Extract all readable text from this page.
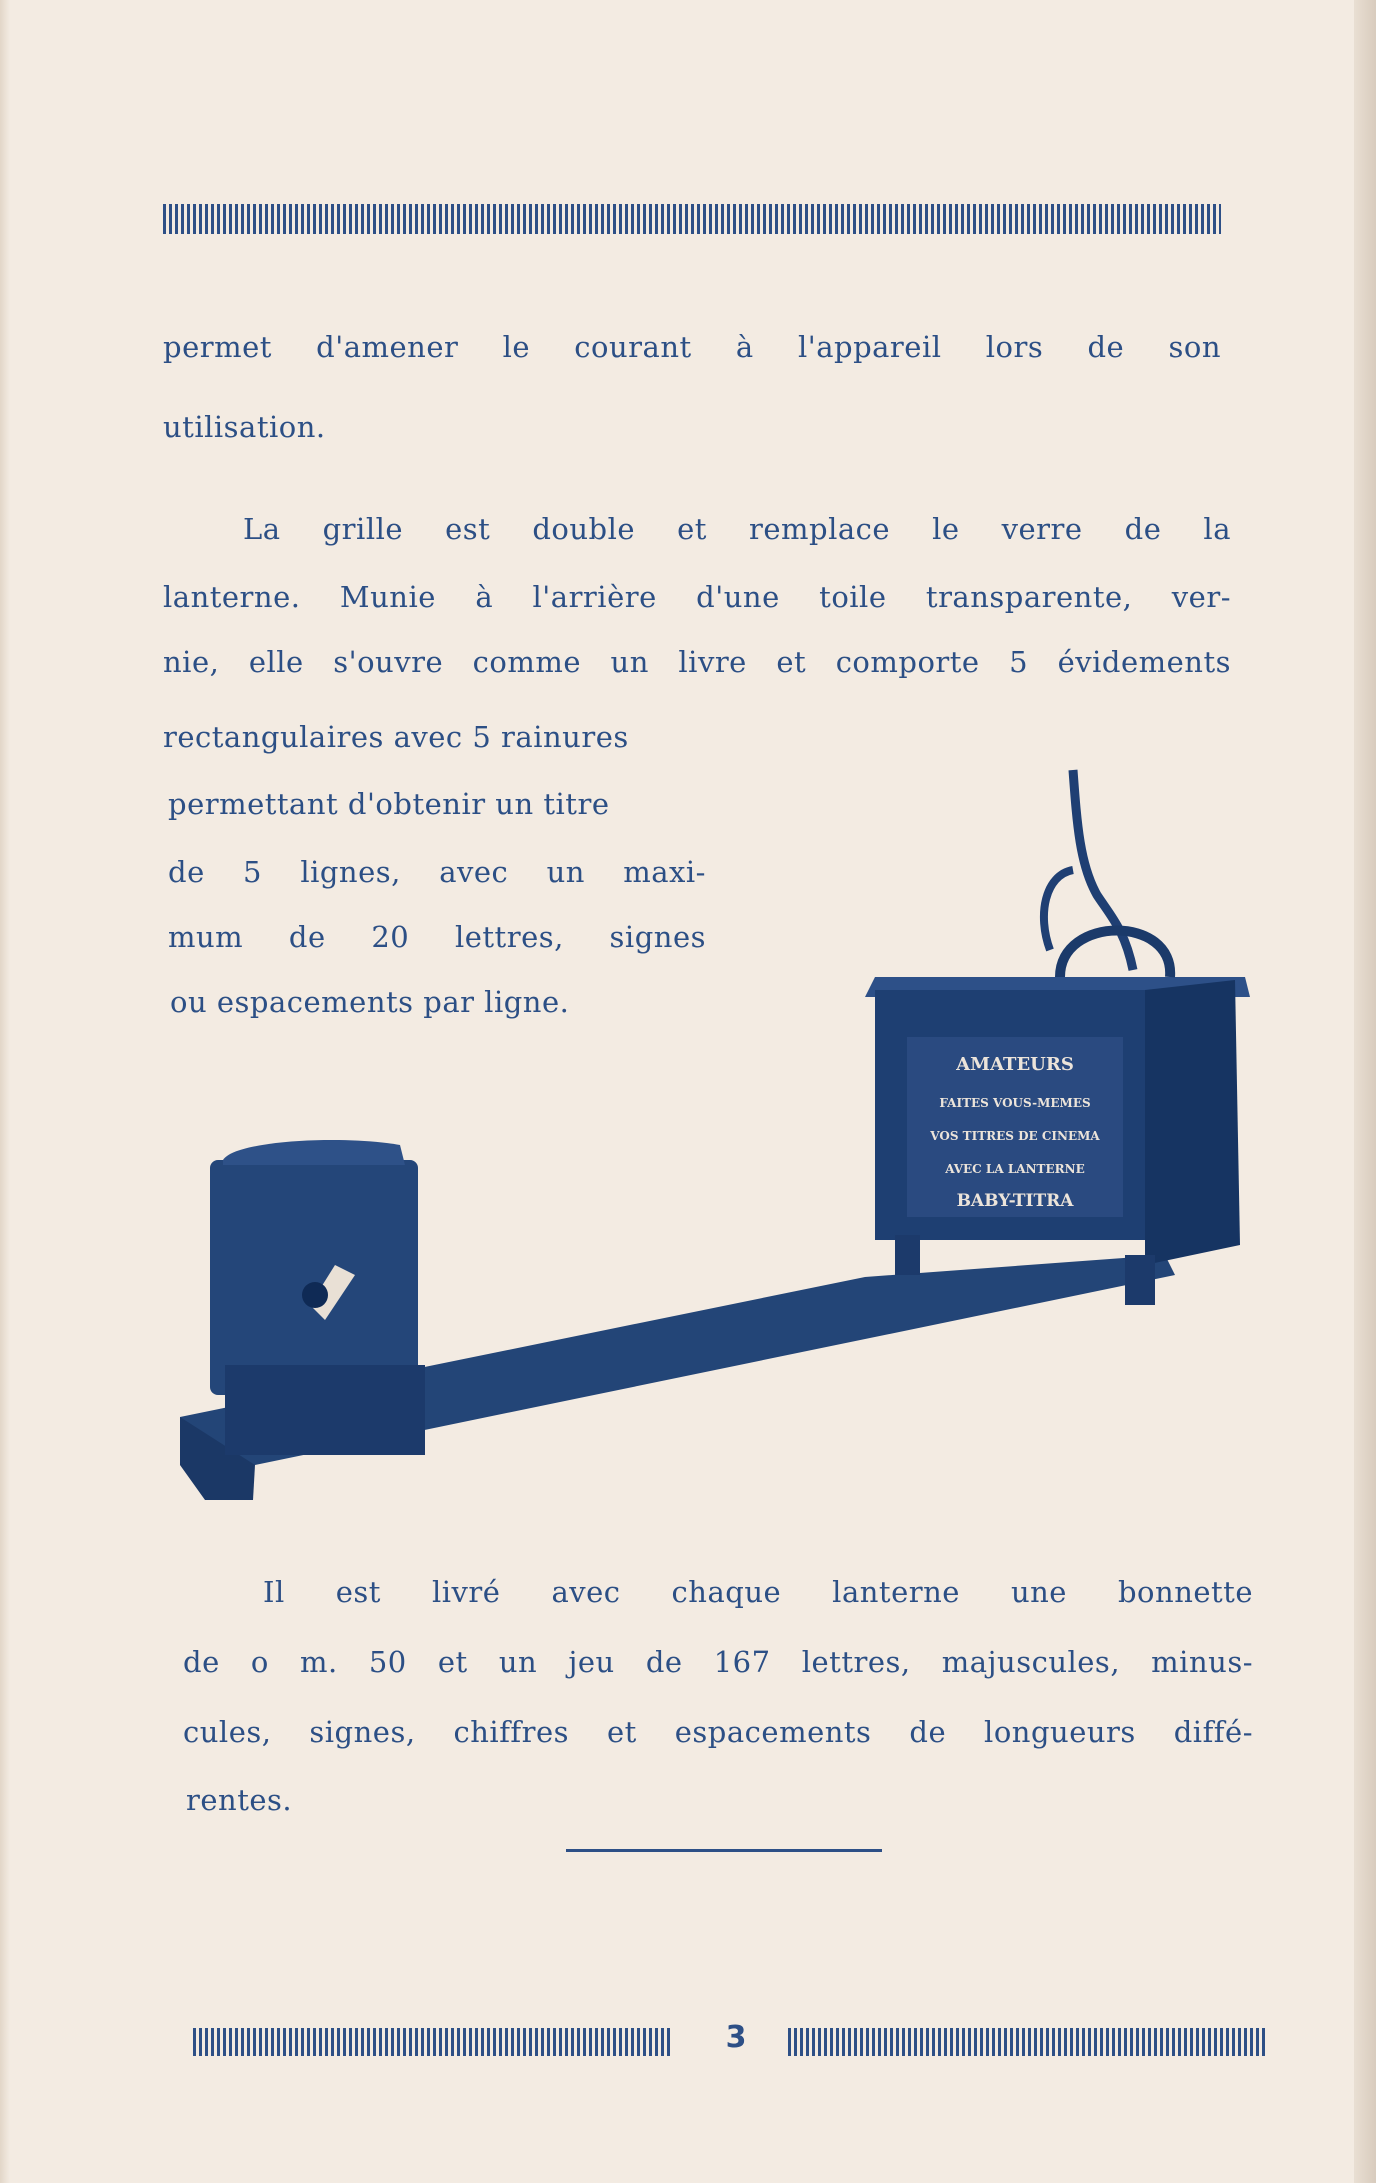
permet d'amener le courant à l'appareil lors de son
utilisation.
La grille est double et remplace le verre de la
lanterne. Munie à l'arrière d'une toile transparente, ver-
nie, elle s'ouvre comme un livre et comporte 5 évidements
rectangulaires avec 5 rainures
permettant d'obtenir un titre
de 5 lignes, avec un maxi-
mum de 20 lettres, signes
ou espacements par ligne.
AMATEURS
FAITES VOUS-MEMES
VOS TITRES DE CINEMA
AVEC LA LANTERNE
BABY-TITRA
Il est livré avec chaque lanterne une bonnette
de o m. 50 et un jeu de 167 lettres, majuscules, minus-
cules, signes, chiffres et espacements de longueurs diffé-
rentes.
3
